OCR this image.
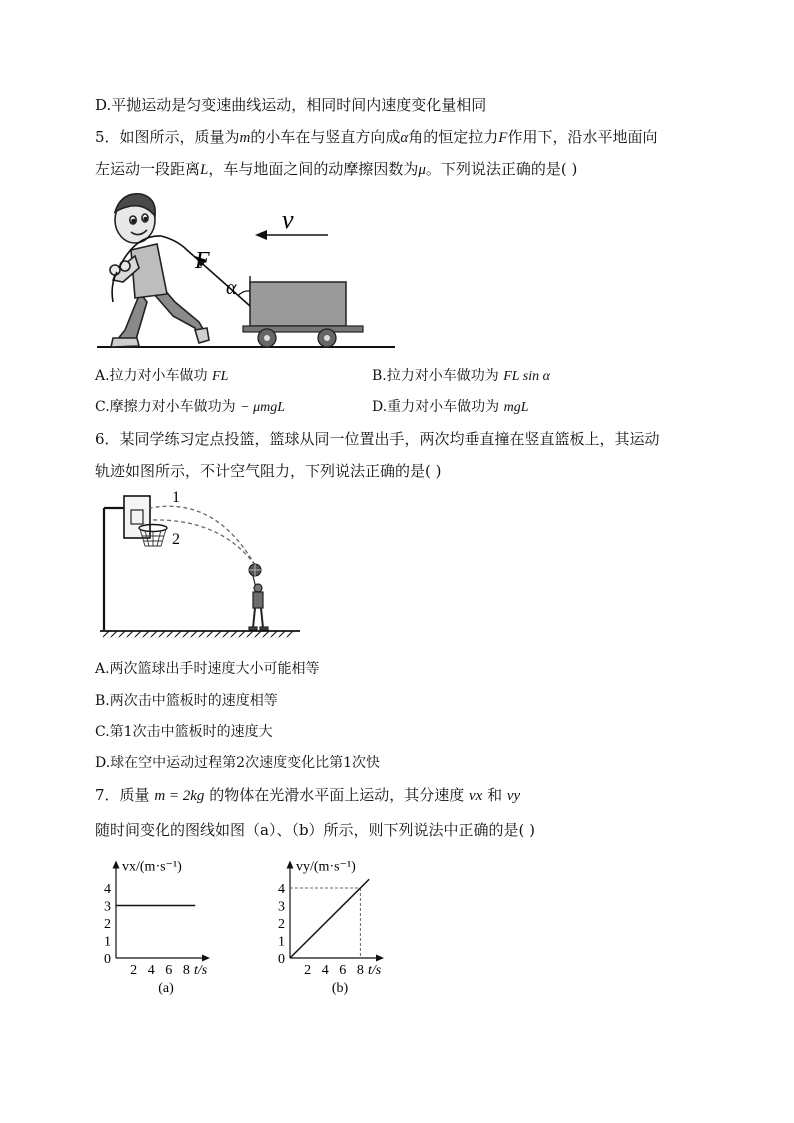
D.平抛运动是匀变速曲线运动，相同时间内速度变化量相同
5．如图所示，质量为m的小车在与竖直方向成α角的恒定拉力F作用下，沿水平地面向
左运动一段距离L，车与地面之间的动摩擦因数为μ。下列说法正确的是( )
v
F
α
A.拉力对小车做功 FL	B.拉力对小车做功为 FL sin α
C.摩擦力对小车做功为 − μmgL	D.重力对小车做功为 mgL
6．某同学练习定点投篮，篮球从同一位置出手，两次均垂直撞在竖直篮板上，其运动
轨迹如图所示，不计空气阻力，下列说法正确的是( )
1
2
A.两次篮球出手时速度大小可能相等
B.两次击中篮板时的速度相等
C.第1次击中篮板时的速度大
D.球在空中运动过程第2次速度变化比第1次快
7．质量 m = 2kg 的物体在光滑水平面上运动，其分速度 vx 和 vy
随时间变化的图线如图（a）、（b）所示，则下列说法中正确的是( )
2 4 6 8
0
1
2
3
4
t/s
vx/(m·s⁻¹)
(a)
2 4 6 8
0
1
2
3
4
t/s
vy/(m·s⁻¹)
(b)
